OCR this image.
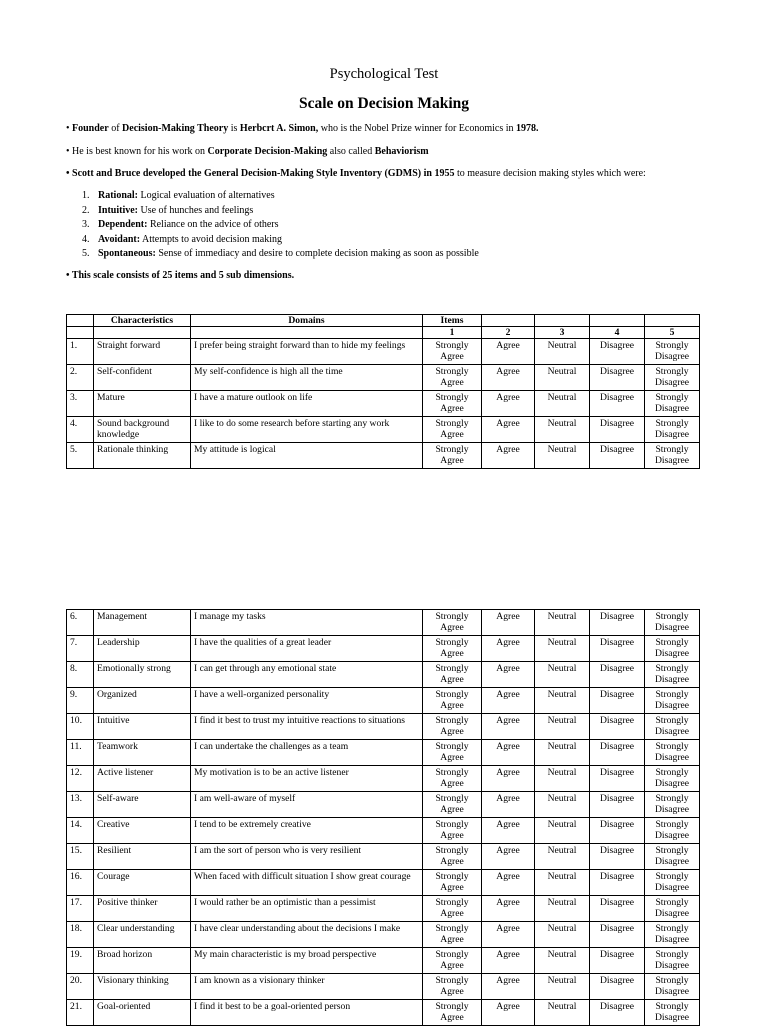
Psychological Test
Scale on Decision Making
• Founder of Decision-Making Theory is Herbcrt A. Simon, who is the Nobel Prize winner for Economics in 1978.
• He is best known for his work on Corporate Decision-Making also called Behaviorism
• Scott and Bruce developed the General Decision-Making Style Inventory (GDMS) in 1955 to measure decision making styles which were:
1. Rational: Logical evaluation of alternatives
2. Intuitive: Use of hunches and feelings
3. Dependent: Reliance on the advice of others
4. Avoidant: Attempts to avoid decision making
5. Spontaneous: Sense of immediacy and desire to complete decision making as soon as possible
• This scale consists of 25 items and 5 sub dimensions.
	Characteristics	Domains	Items				
			1	2	3	4	5
1.	Straight forward	I prefer being straight forward than to hide my feelings	Strongly Agree	Agree	Neutral	Disagree	Strongly Disagree
2.	Self-confident	My self-confidence is high all the time	Strongly Agree	Agree	Neutral	Disagree	Strongly Disagree
3.	Mature	I have a mature outlook on life	Strongly Agree	Agree	Neutral	Disagree	Strongly Disagree
4.	Sound background knowledge	I like to do some research before starting any work	Strongly Agree	Agree	Neutral	Disagree	Strongly Disagree
5.	Rationale thinking	My attitude is logical	Strongly Agree	Agree	Neutral	Disagree	Strongly Disagree
6.	Management	I manage my tasks	Strongly Agree	Agree	Neutral	Disagree	Strongly Disagree
7.	Leadership	I have the qualities of a great leader	Strongly Agree	Agree	Neutral	Disagree	Strongly Disagree
8.	Emotionally strong	I can get through any emotional state	Strongly Agree	Agree	Neutral	Disagree	Strongly Disagree
9.	Organized	I have a well-organized personality	Strongly Agree	Agree	Neutral	Disagree	Strongly Disagree
10.	Intuitive	I find it best to trust my intuitive reactions to situations	Strongly Agree	Agree	Neutral	Disagree	Strongly Disagree
11.	Teamwork	I can undertake the challenges as a team	Strongly Agree	Agree	Neutral	Disagree	Strongly Disagree
12.	Active listener	My motivation is to be an active listener	Strongly Agree	Agree	Neutral	Disagree	Strongly Disagree
13.	Self-aware	I am well-aware of myself	Strongly Agree	Agree	Neutral	Disagree	Strongly Disagree
14.	Creative	I tend to be extremely creative	Strongly Agree	Agree	Neutral	Disagree	Strongly Disagree
15.	Resilient	I am the sort of person who is very resilient	Strongly Agree	Agree	Neutral	Disagree	Strongly Disagree
16.	Courage	When faced with difficult situation I show great courage	Strongly Agree	Agree	Neutral	Disagree	Strongly Disagree
17.	Positive thinker	I would rather be an optimistic than a pessimist	Strongly Agree	Agree	Neutral	Disagree	Strongly Disagree
18.	Clear understanding	I have clear understanding about the decisions I make	Strongly Agree	Agree	Neutral	Disagree	Strongly Disagree
19.	Broad horizon	My main characteristic is my broad perspective	Strongly Agree	Agree	Neutral	Disagree	Strongly Disagree
20.	Visionary thinking	I am known as a visionary thinker	Strongly Agree	Agree	Neutral	Disagree	Strongly Disagree
21.	Goal-oriented	I find it best to be a goal-oriented person	Strongly Agree	Agree	Neutral	Disagree	Strongly Disagree
